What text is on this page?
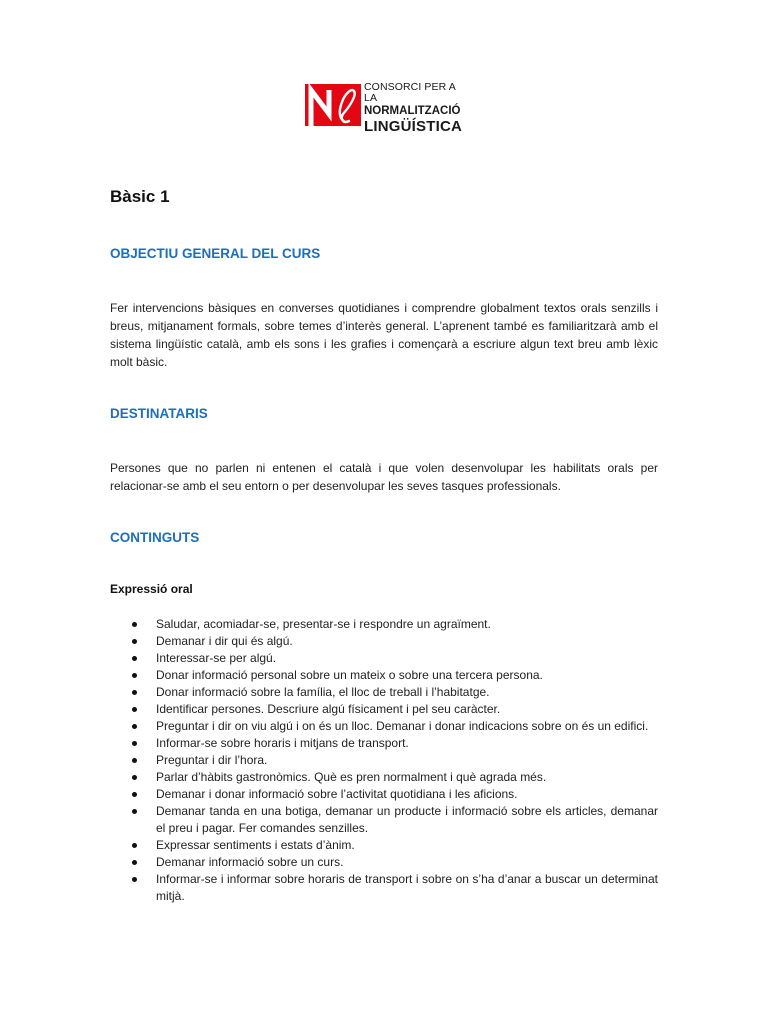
CONSORCI PER A LA
NORMALITZACIÓ
LINGÜÍSTICA
Bàsic 1
OBJECTIU GENERAL DEL CURS

Fer intervencions bàsiques en converses quotidianes i comprendre globalment textos orals senzills i breus, mitjanament formals, sobre temes d’interès general. L’aprenent també es familiaritzarà amb el sistema lingüístic català, amb els sons i les grafies i començarà a escriure algun text breu amb lèxic molt bàsic.

DESTINATARIS

Persones que no parlen ni entenen el català i que volen desenvolupar les habilitats orals per relacionar-se amb el seu entorn o per desenvolupar les seves tasques professionals.

CONTINGUTS
Expressió oral
Saludar, acomiadar-se, presentar-se i respondre un agraïment.
Demanar i dir qui és algú.
Interessar-se per algú.
Donar informació personal sobre un mateix o sobre una tercera persona.
Donar informació sobre la família, el lloc de treball i l’habitatge.
Identificar persones. Descriure algú físicament i pel seu caràcter.
Preguntar i dir on viu algú i on és un lloc. Demanar i donar indicacions sobre on és un edifici.
Informar-se sobre horaris i mitjans de transport.
Preguntar i dir l’hora.
Parlar d’hàbits gastronòmics. Què es pren normalment i què agrada més.
Demanar i donar informació sobre l’activitat quotidiana i les aficions.
Demanar tanda en una botiga, demanar un producte i informació sobre els articles, demanar el preu i pagar. Fer comandes senzilles.
Expressar sentiments i estats d’ànim.
Demanar informació sobre un curs.
Informar-se i informar sobre horaris de transport i sobre on s’ha d’anar a buscar un determinat mitjà.
